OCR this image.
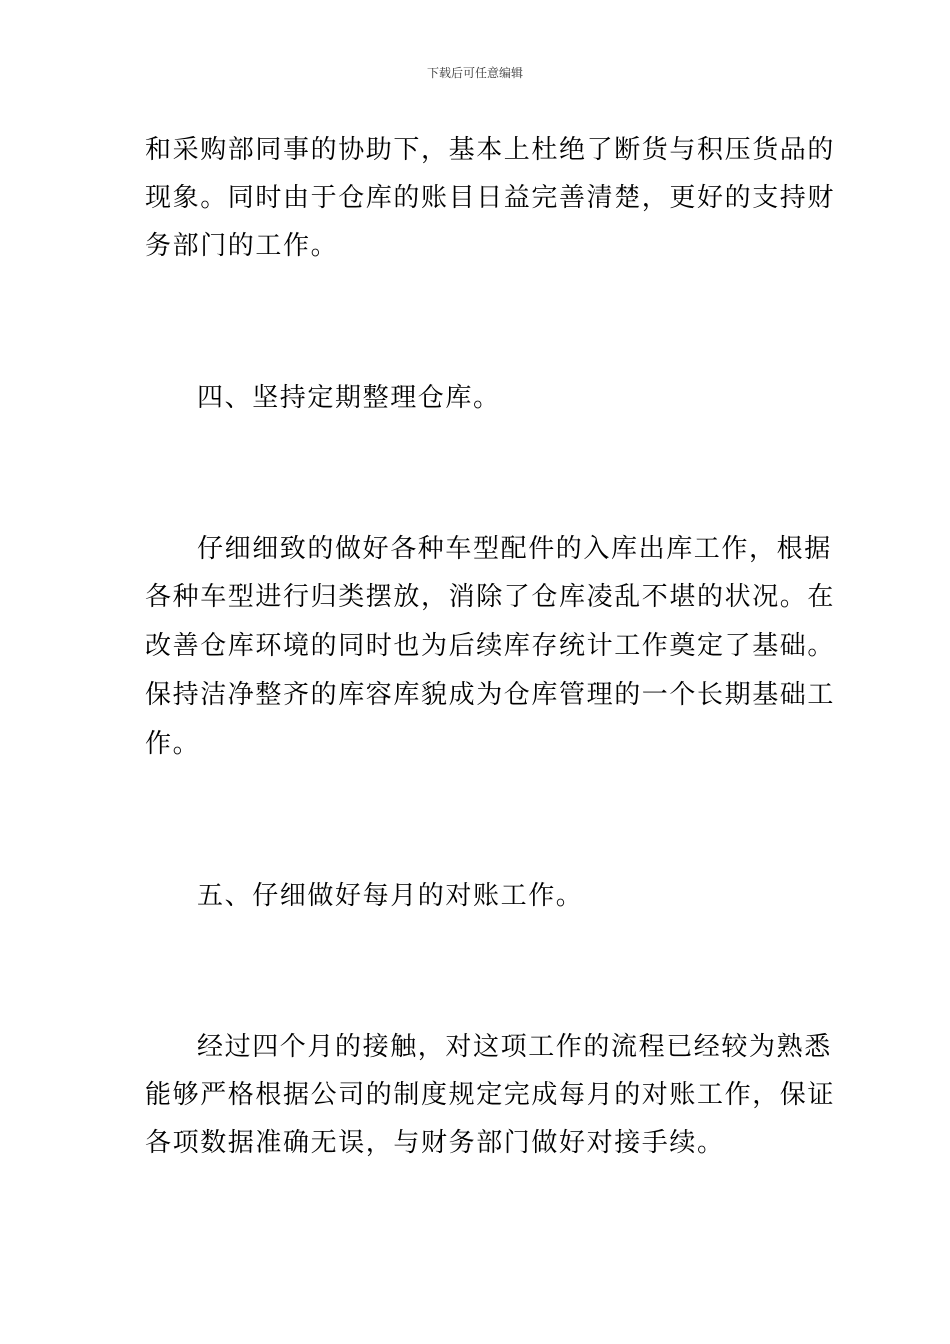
下载后可任意编辑
和采购部同事的协助下，基本上杜绝了断货与积压货品的
现象。同时由于仓库的账目日益完善清楚，更好的支持财
务部门的工作。
四、坚持定期整理仓库。
仔细细致的做好各种车型配件的入库出库工作，根据
各种车型进行归类摆放，消除了仓库凌乱不堪的状况。在
改善仓库环境的同时也为后续库存统计工作奠定了基础。
保持洁净整齐的库容库貌成为仓库管理的一个长期基础工
作。
五、仔细做好每月的对账工作。
经过四个月的接触，对这项工作的流程已经较为熟悉
能够严格根据公司的制度规定完成每月的对账工作，保证
各项数据准确无误，与财务部门做好对接手续。
